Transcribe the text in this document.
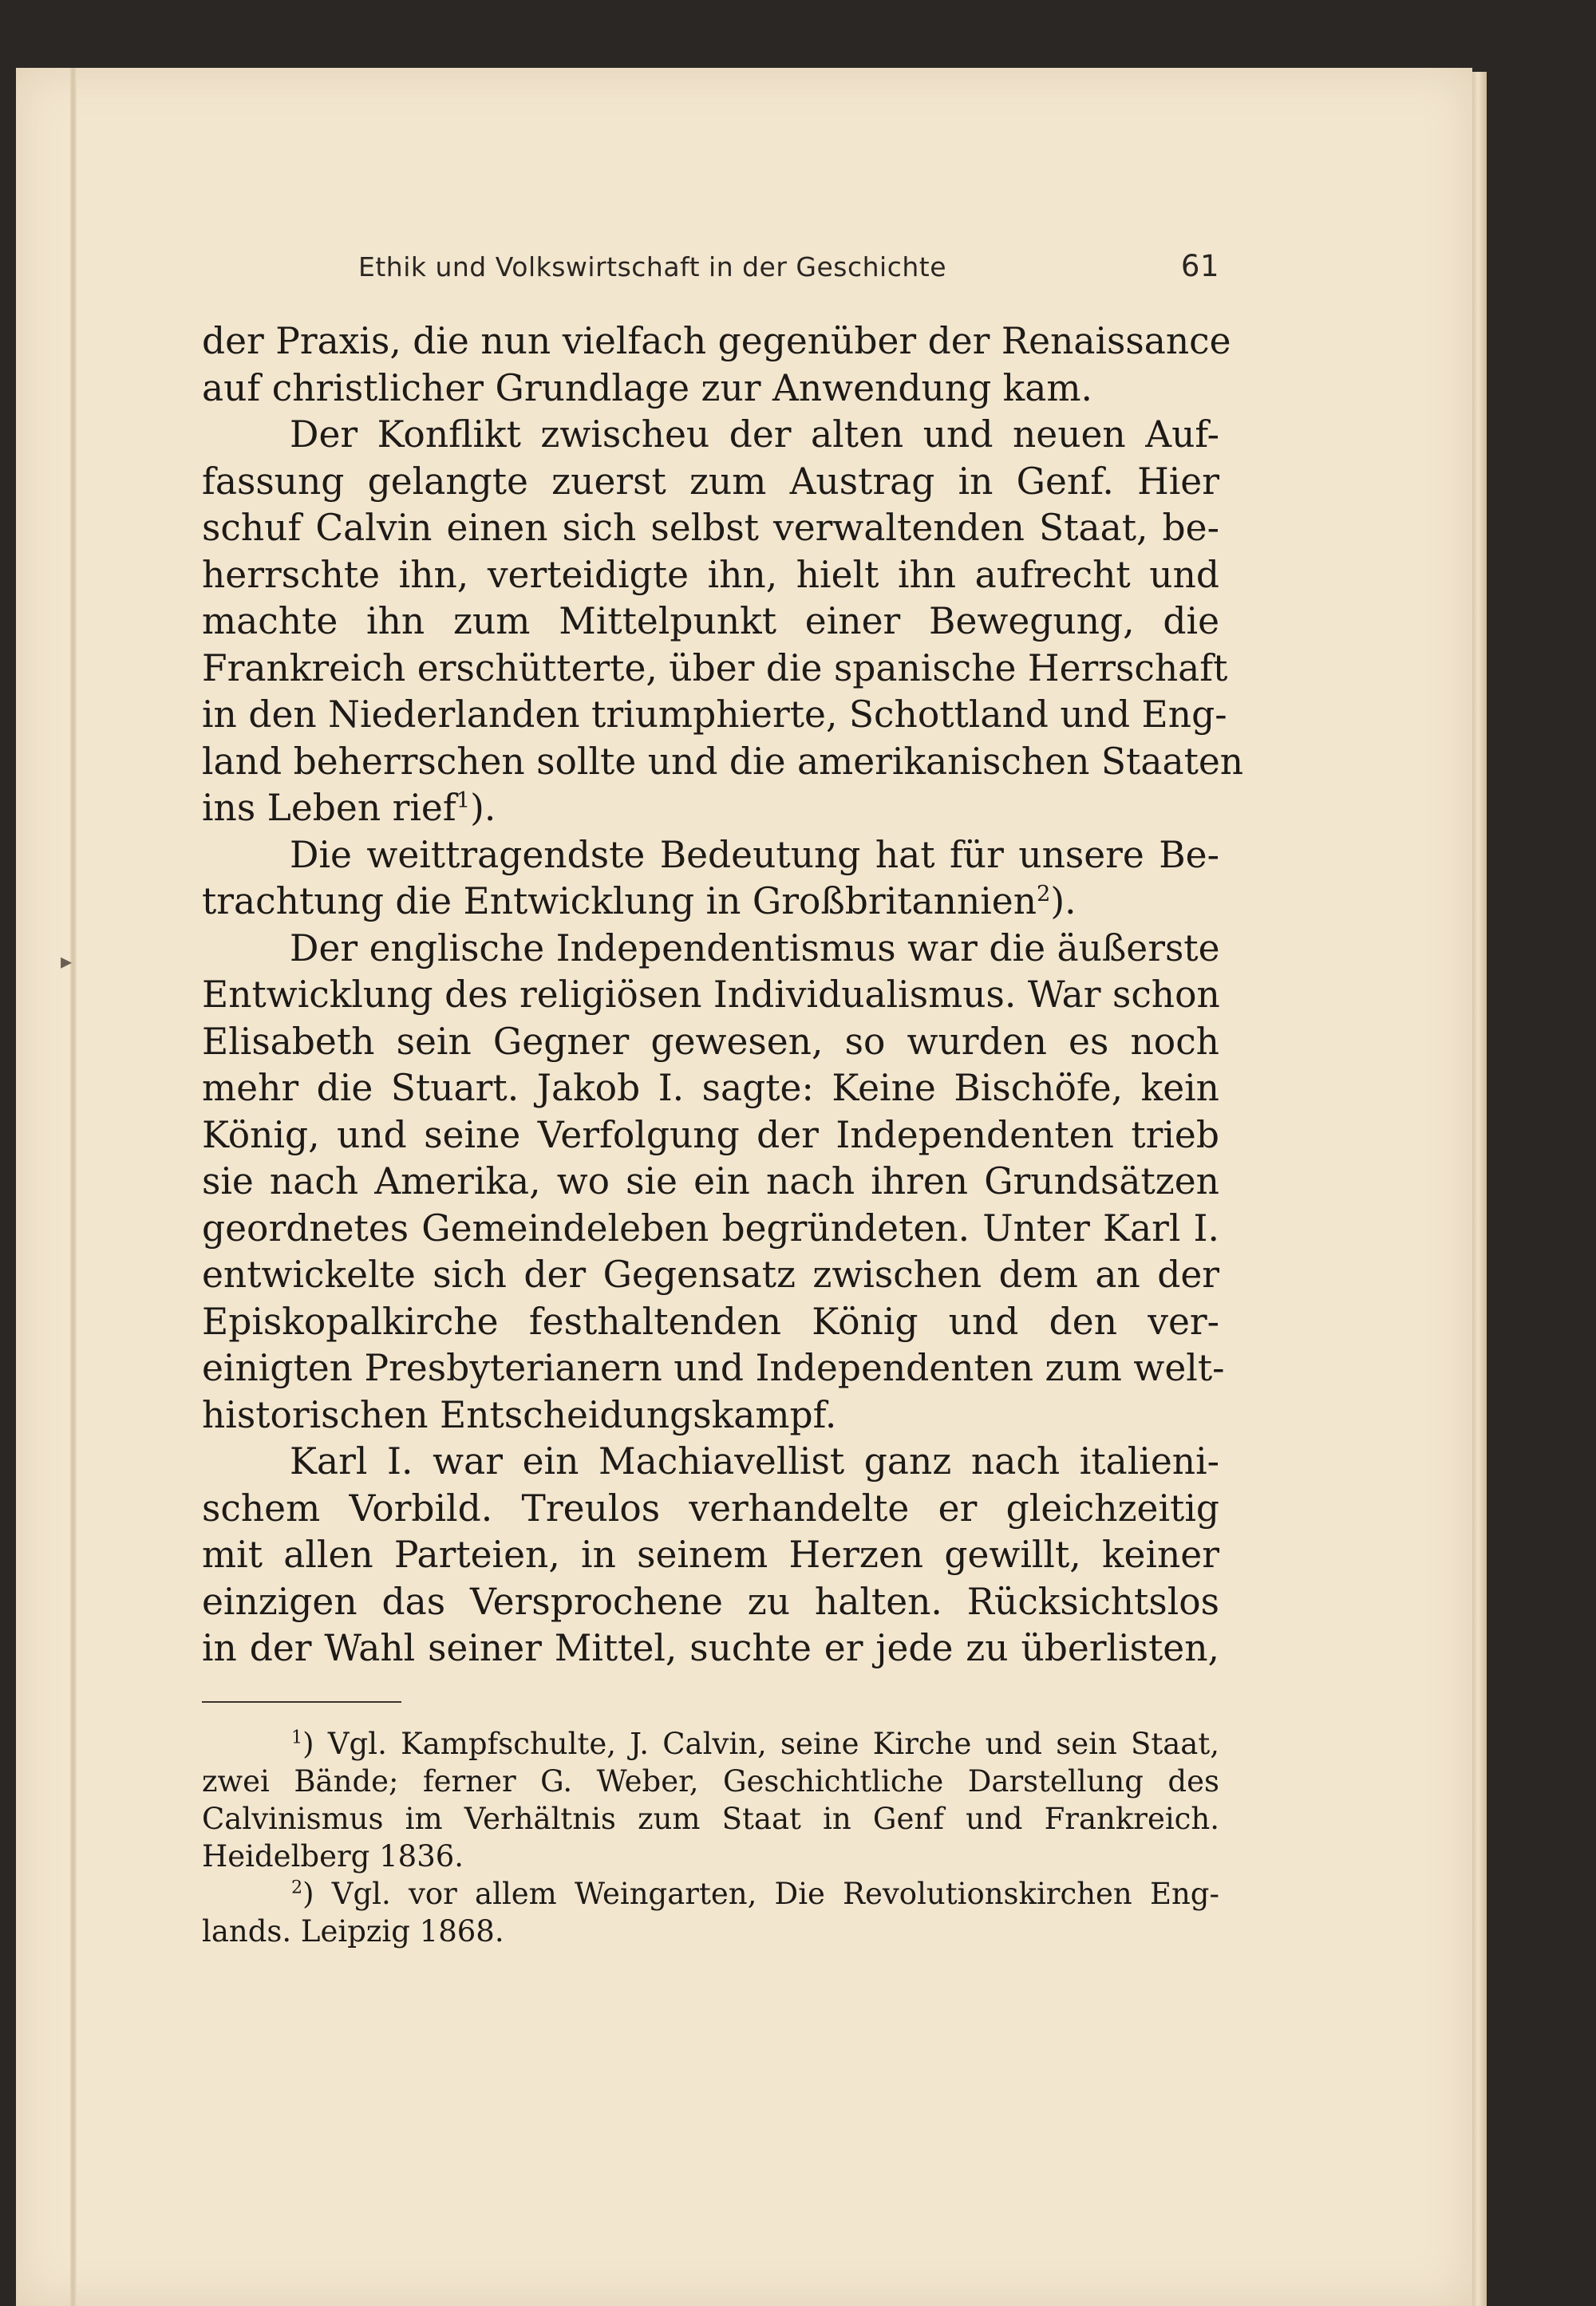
▸
Ethik und Volkswirtschaft in der Geschichte	61
der Praxis, die nun vielfach gegenüber der Renaissance
auf christlicher Grundlage zur Anwendung kam.
Der Konflikt zwischeu der alten und neuen Auf-
fassung gelangte zuerst zum Austrag in Genf. Hier
schuf Calvin einen sich selbst verwaltenden Staat, be-
herrschte ihn, verteidigte ihn, hielt ihn aufrecht und
machte ihn zum Mittelpunkt einer Bewegung, die
Frankreich erschütterte, über die spanische Herrschaft
in den Niederlanden triumphierte, Schottland und Eng-
land beherrschen sollte und die amerikanischen Staaten
ins Leben rief$^1$).
Die weittragendste Bedeutung hat für unsere Be-
trachtung die Entwicklung in Großbritannien$^2$).
Der englische Independentismus war die äußerste
Entwicklung des religiösen Individualismus. War schon
Elisabeth sein Gegner gewesen, so wurden es noch
mehr die Stuart. Jakob I. sagte: Keine Bischöfe, kein
König, und seine Verfolgung der Independenten trieb
sie nach Amerika, wo sie ein nach ihren Grundsätzen
geordnetes Gemeindeleben begründeten. Unter Karl I.
entwickelte sich der Gegensatz zwischen dem an der
Episkopalkirche festhaltenden König und den ver-
einigten Presbyterianern und Independenten zum welt-
historischen Entscheidungskampf.
Karl I. war ein Machiavellist ganz nach italieni-
schem Vorbild. Treulos verhandelte er gleichzeitig
mit allen Parteien, in seinem Herzen gewillt, keiner
einzigen das Versprochene zu halten. Rücksichtslos
in der Wahl seiner Mittel, suchte er jede zu überlisten,
$^1$) Vgl. Kampfschulte, J. Calvin, seine Kirche und sein Staat,
zwei Bände; ferner G. Weber, Geschichtliche Darstellung des
Calvinismus im Verhältnis zum Staat in Genf und Frankreich.
Heidelberg 1836.
$^2$) Vgl. vor allem Weingarten, Die Revolutionskirchen Eng-
lands. Leipzig 1868.
